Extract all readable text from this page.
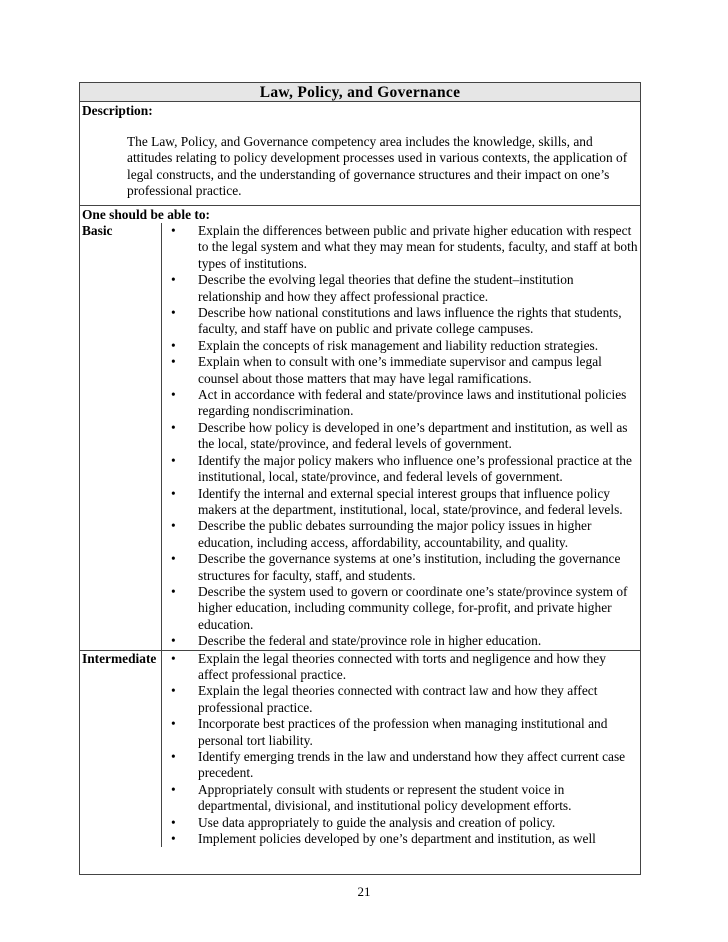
Law, Policy, and Governance
Description:
The Law, Policy, and Governance competency area includes the knowledge, skills, and attitudes relating to policy development processes used in various contexts, the application of legal constructs, and the understanding of governance structures and their impact on one’s professional practice.
One should be able to:
Basic	• Explain the differences between public and private higher education with respect to the legal system and what they may mean for students, faculty, and staff at both types of institutions.
• Describe the evolving legal theories that define the student–institution relationship and how they affect professional practice.
• Describe how national constitutions and laws influence the rights that students, faculty, and staff have on public and private college campuses.
• Explain the concepts of risk management and liability reduction strategies.
• Explain when to consult with one’s immediate supervisor and campus legal counsel about those matters that may have legal ramifications.
• Act in accordance with federal and state/province laws and institutional policies regarding nondiscrimination.
• Describe how policy is developed in one’s department and institution, as well as the local, state/province, and federal levels of government.
• Identify the major policy makers who influence one’s professional practice at the institutional, local, state/province, and federal levels of government.
• Identify the internal and external special interest groups that influence policy makers at the department, institutional, local, state/province, and federal levels.
• Describe the public debates surrounding the major policy issues in higher education, including access, affordability, accountability, and quality.
• Describe the governance systems at one’s institution, including the governance structures for faculty, staff, and students.
• Describe the system used to govern or coordinate one’s state/province system of higher education, including community college, for-profit, and private higher education.
• Describe the federal and state/province role in higher education.
Intermediate	• Explain the legal theories connected with torts and negligence and how they affect professional practice.
• Explain the legal theories connected with contract law and how they affect professional practice.
• Incorporate best practices of the profession when managing institutional and personal tort liability.
• Identify emerging trends in the law and understand how they affect current case precedent.
• Appropriately consult with students or represent the student voice in departmental, divisional, and institutional policy development efforts.
• Use data appropriately to guide the analysis and creation of policy.
• Implement policies developed by one’s department and institution, as well
21
